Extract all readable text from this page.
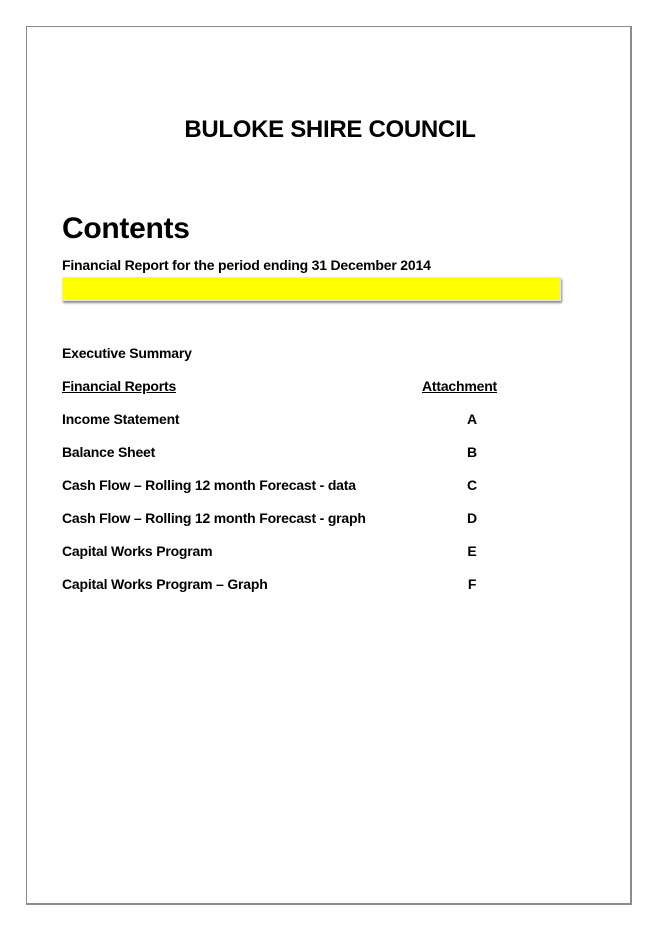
BULOKE SHIRE COUNCIL
Contents
Financial Report for the period ending 31 December 2014
Executive Summary
Financial Reports	Attachment
Income Statement	A
Balance Sheet	B
Cash Flow – Rolling 12 month Forecast - data	C
Cash Flow – Rolling 12 month Forecast - graph	D
Capital Works Program	E
Capital Works Program – Graph	F
